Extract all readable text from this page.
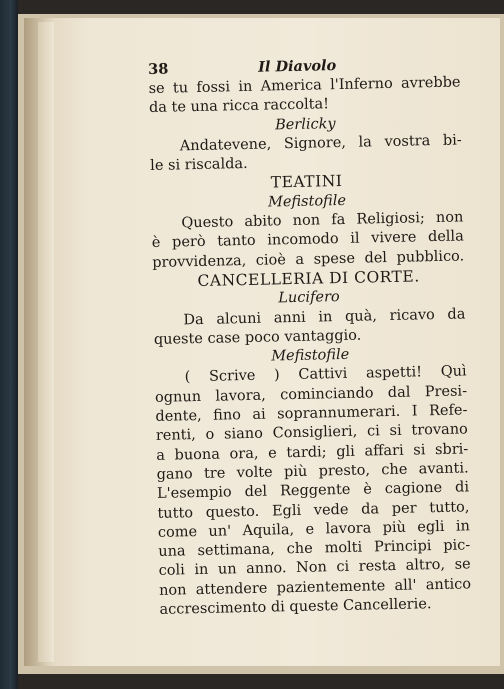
38	Il Diavolo
se tu fossi in America l'Inferno avrebbe
da te una ricca raccolta!
Berlicky
Andatevene, Signore, la vostra bi-
le si riscalda.
TEATINI
Mefistofile
Questo abito non fa Religiosi; non
è però tanto incomodo il vivere della
provvidenza, cioè a spese del pubblico.
CANCELLERIA DI CORTE.
Lucifero
Da alcuni anni in quà, ricavo da
queste case poco vantaggio.
Mefistofile
( Scrive ) Cattivi aspetti! Quì
ognun lavora, cominciando dal Presi-
dente, fino ai soprannumerari. I Refe-
renti, o siano Consiglieri, ci si trovano
a buona ora, e tardi; gli affari si sbri-
gano tre volte più presto, che avanti.
L'esempio del Reggente è cagione di
tutto questo. Egli vede da per tutto,
come un' Aquila, e lavora più egli in
una settimana, che molti Principi pic-
coli in un anno. Non ci resta altro, se
non attendere pazientemente all' antico
accrescimento di queste Cancellerie.
